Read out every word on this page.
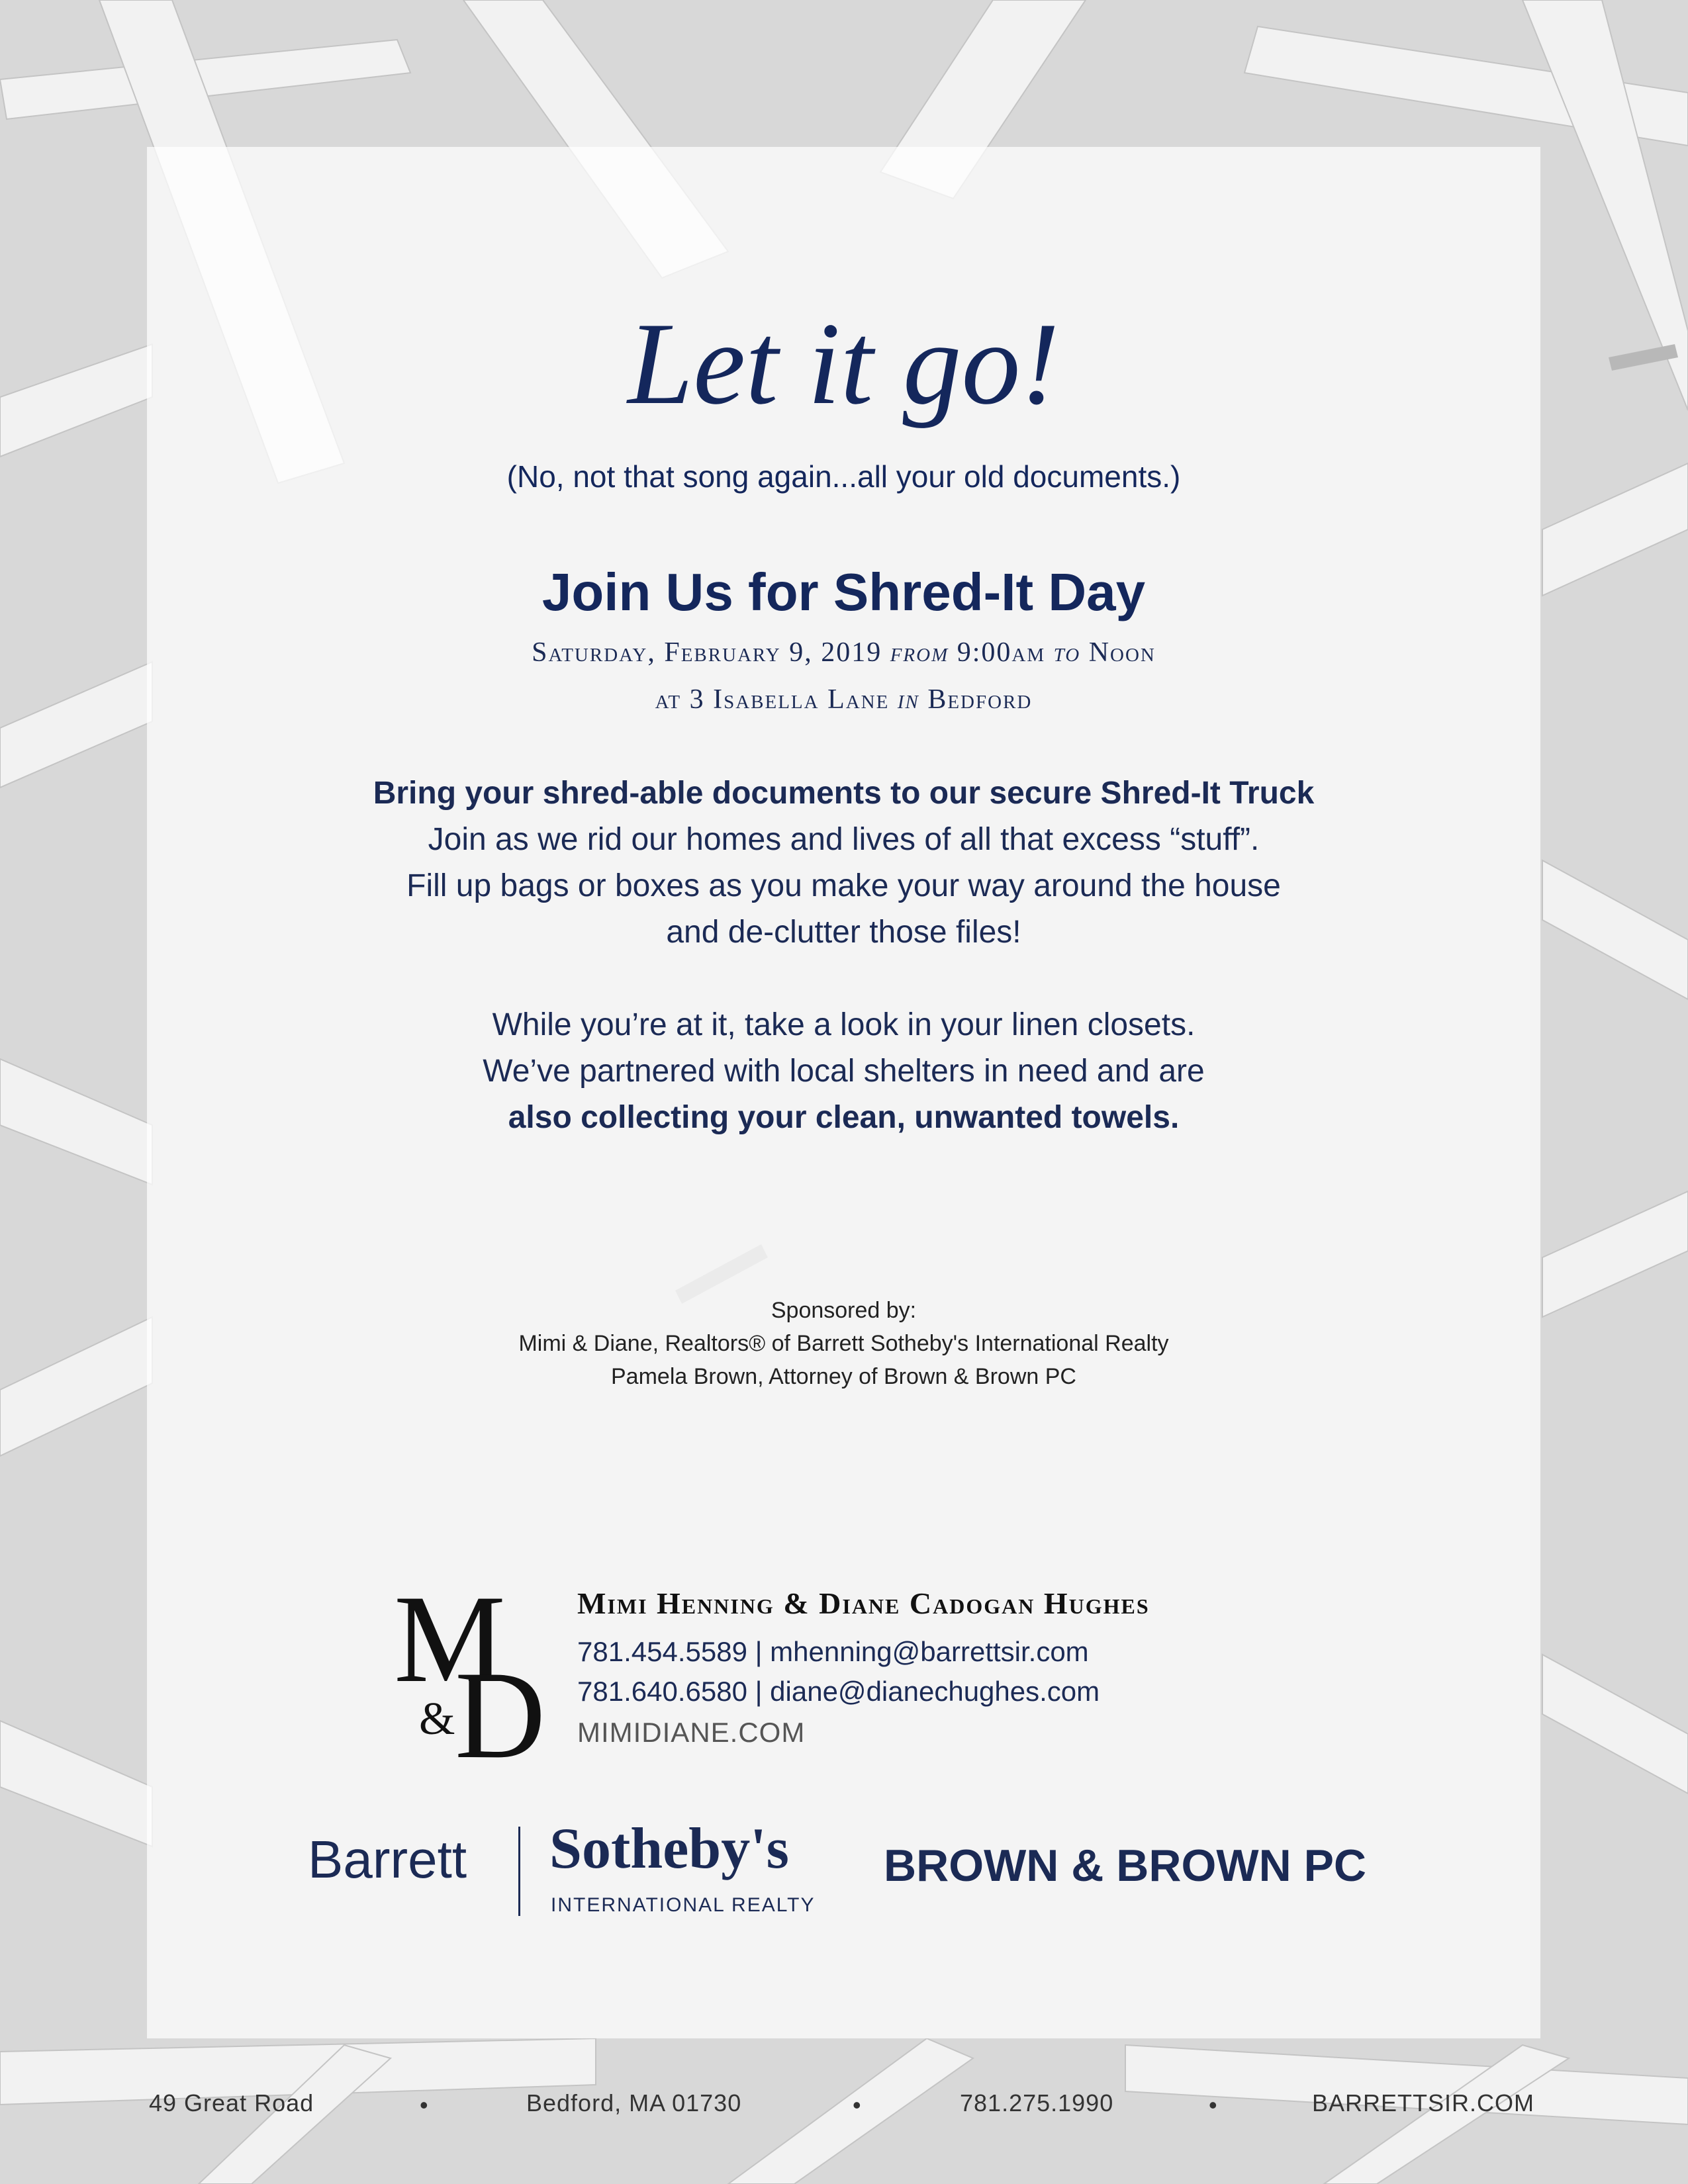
Let it go!
(No, not that song again...all your old documents.)
Join Us for Shred-It Day
Saturday, February 9, 2019 from 9:00am to Noon
at 3 Isabella Lane in Bedford
Bring your shred-able documents to our secure Shred-It Truck
Join as we rid our homes and lives of all that excess “stuff”.
Fill up bags or boxes as you make your way around the house
and de-clutter those files!
While you’re at it, take a look in your linen closets.
We’ve partnered with local shelters in need and are
also collecting your clean, unwanted towels.
Sponsored by:
Mimi & Diane, Realtors® of Barrett Sotheby's International Realty
Pamela Brown, Attorney of Brown & Brown PC
M
& D
Mimi Henning & Diane Cadogan Hughes
781.454.5589 | mhenning@barrettsir.com
781.640.6580 | diane@dianechughes.com
MIMIDIANE.COM
Barrett Sotheby's
INTERNATIONAL REALTY
BROWN & BROWN PC
49 Great Road	•	Bedford, MA 01730	•	781.275.1990	•	BARRETTSIR.COM
